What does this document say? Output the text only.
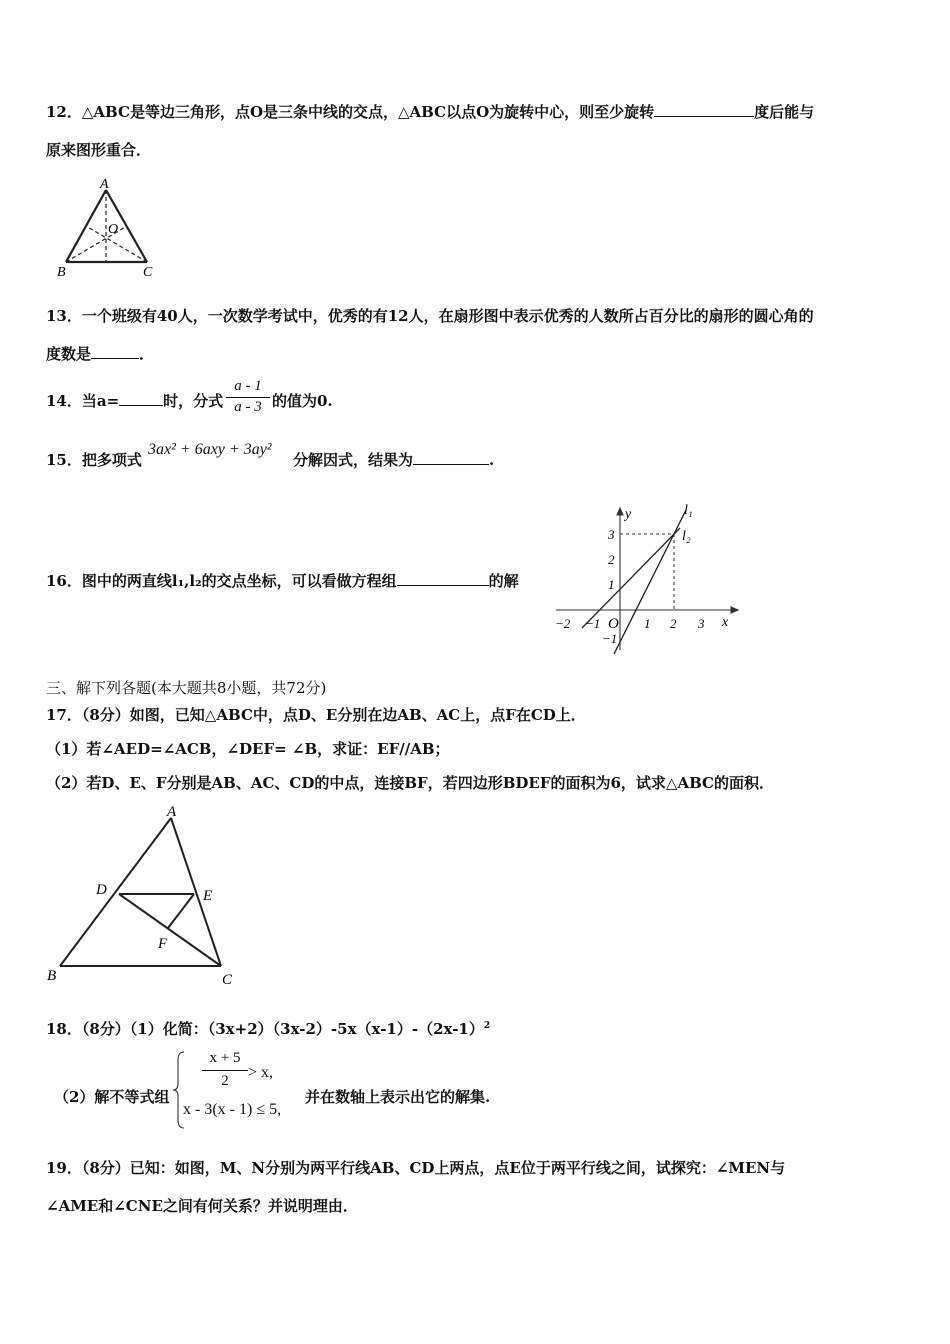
12．△ABC是等边三角形，点O是三条中线的交点，△ABC以点O为旋转中心，则至少旋转	度后能与
原来图形重合．
A
O
B	C
13．一个班级有40人，一次数学考试中，优秀的有12人，在扇形图中表示优秀的人数所占百分比的扇形的圆心角的
度数是	．
14．当a=	时，分式
a - 1
a - 3 的值为0.
15．把多项式
3ax² + 6axy + 3ay²
分解因式，结果为	.
16．图中的两直线l₁,l₂的交点坐标，可以看做方程组	的解
y
x
l₁
l₂
O
−2 −1	1 2 3
3
2
1
−1
三、解下列各题(本大题共8小题，共72分)
17．（8分）如图，已知△ABC中，点D、E分别在边AB、AC上，点F在CD上．
（1）若∠AED=∠ACB，∠DEF= ∠B，求证：EF//AB；
（2）若D、E、F分别是AB、AC、CD的中点，连接BF，若四边形BDEF的面积为6，试求△ABC的面积．
A
D	E
F
B	C
18．（8分）（1）化简：$(3x+2)(3x-2)-5x(x-1)-(2x-1)^2$
（2）解不等式组
x + 5
2	> x,
x - 3(x - 1) ≤ 5,
并在数轴上表示出它的解集.
19．（8分）已知：如图，M、N分别为两平行线AB、CD上两点，点E位于两平行线之间，试探究：∠MEN与
∠AME和∠CNE之间有何关系？并说明理由．
